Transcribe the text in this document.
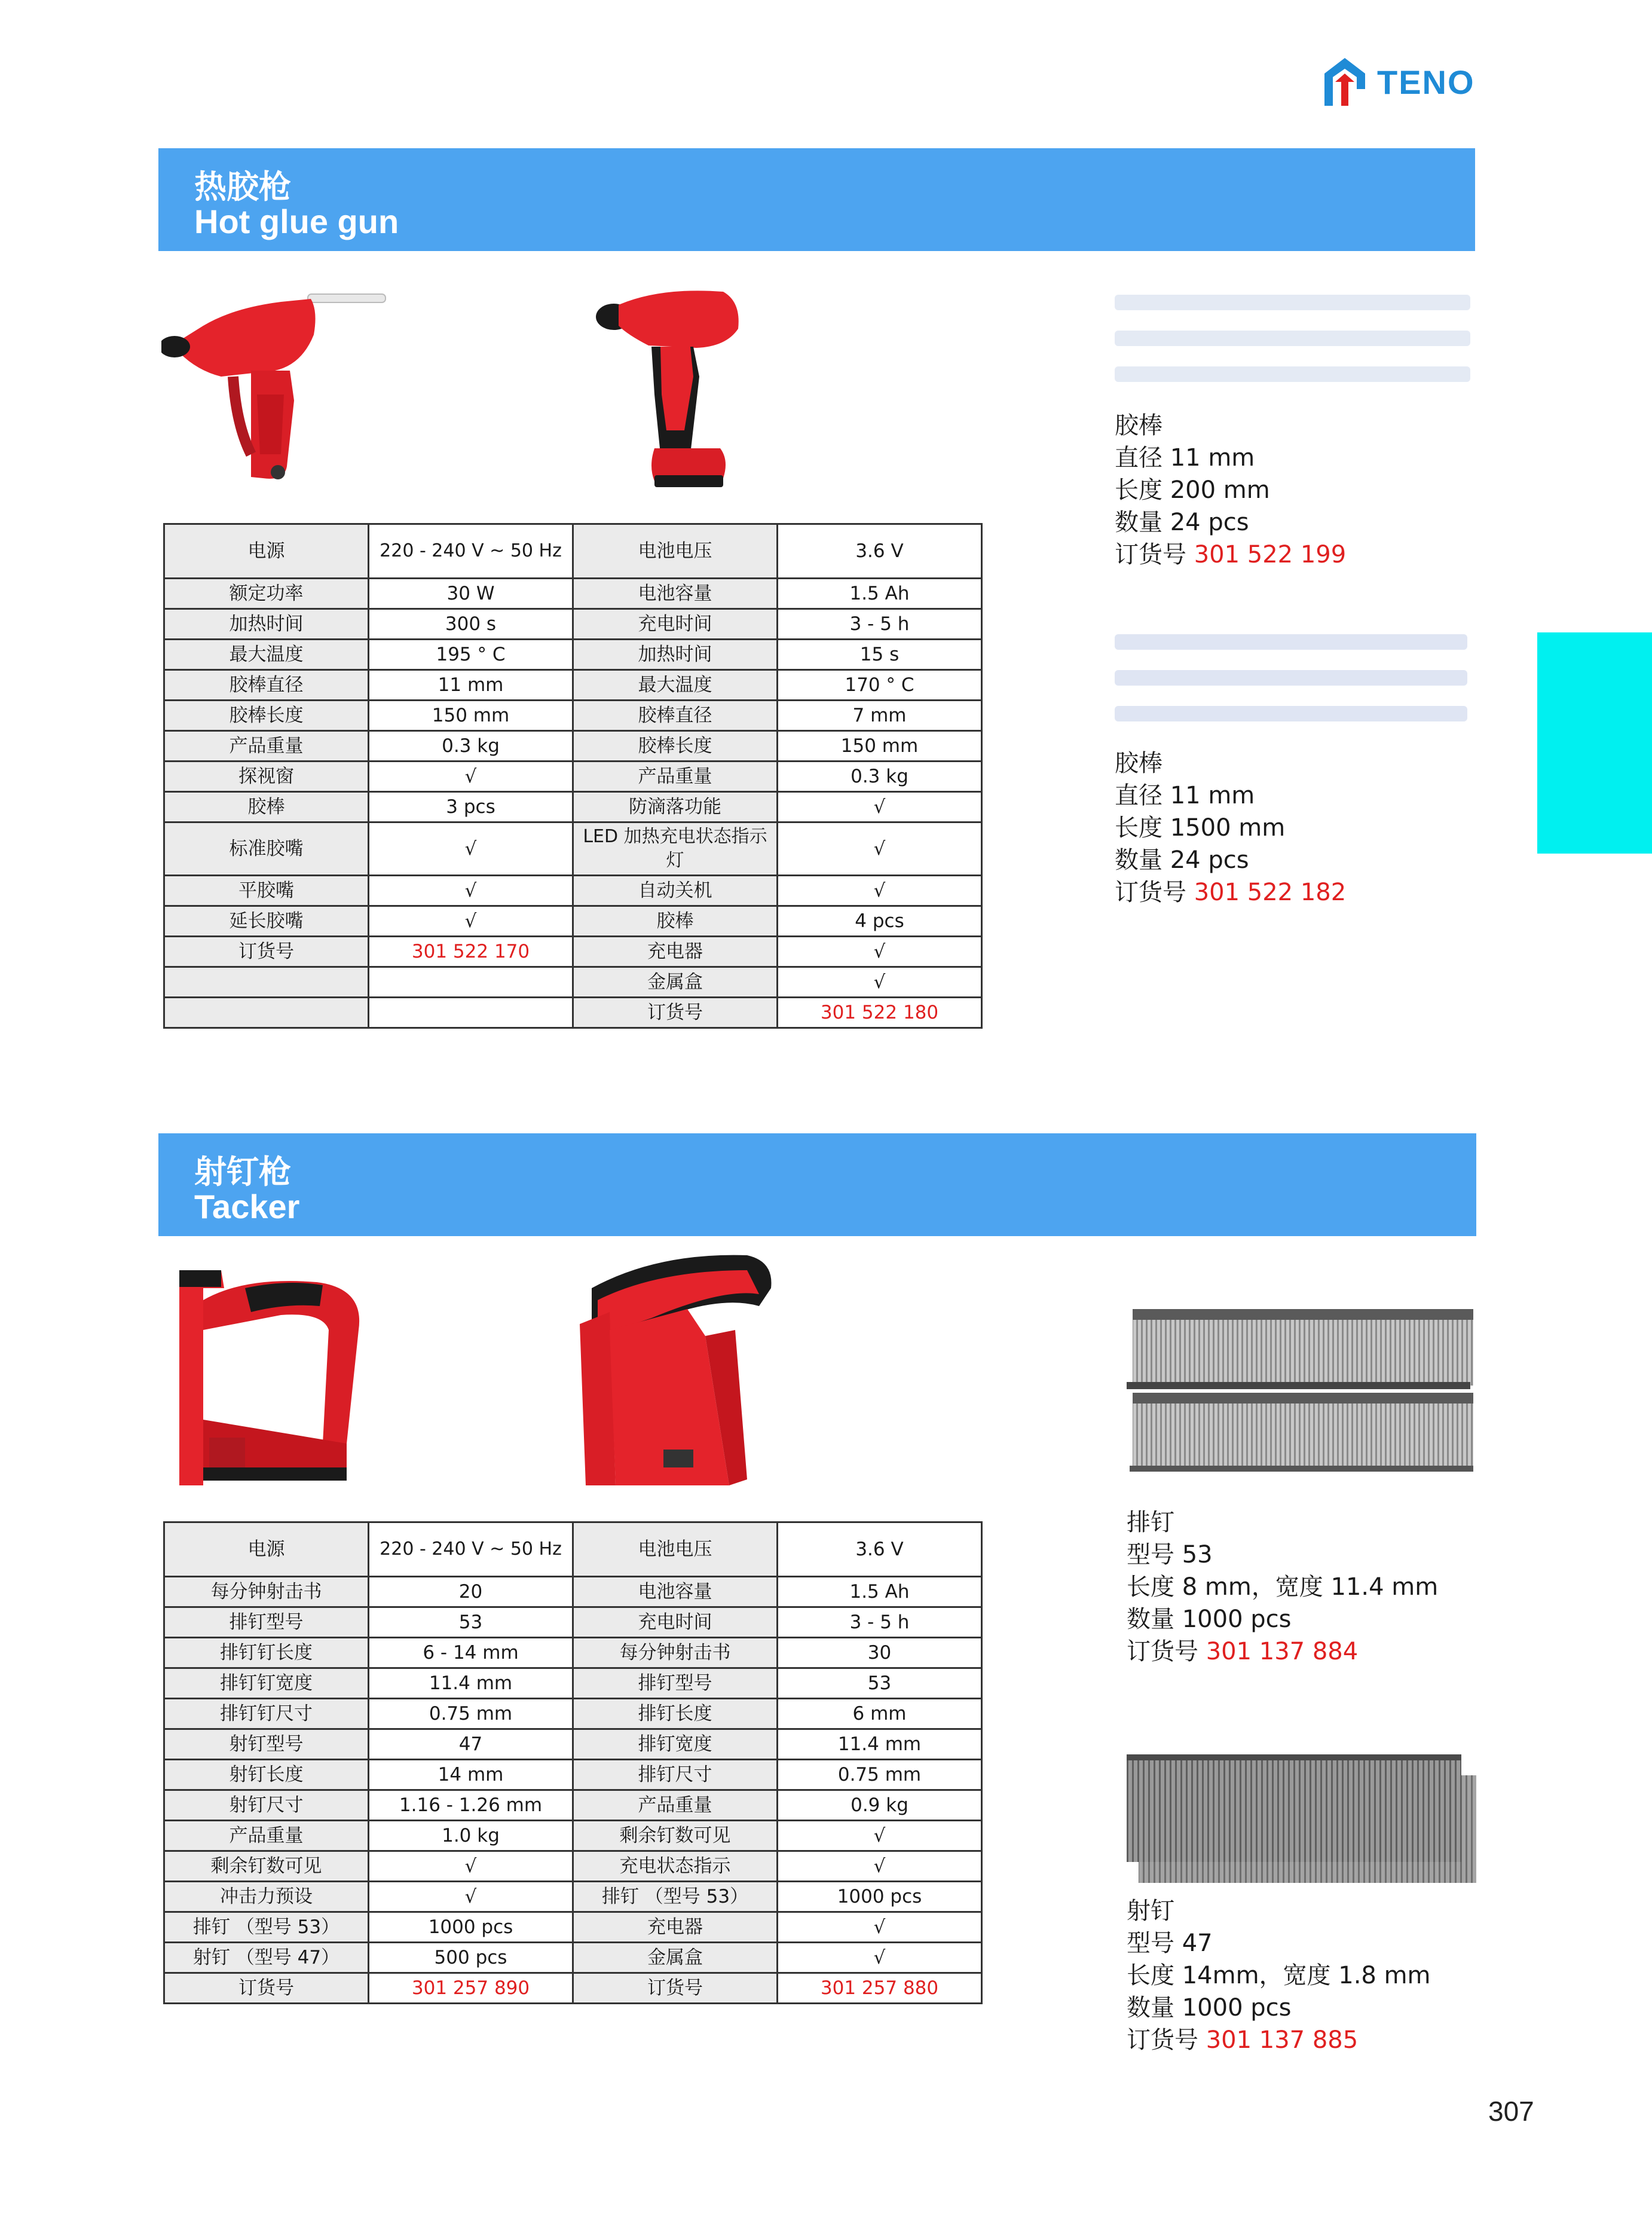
TENO
热胶枪
Hot glue gun
电源	220 - 240 V ~ 50 Hz	电池电压	3.6 V
额定功率	30 W	电池容量	1.5 Ah
加热时间	300 s	充电时间	3 - 5 h
最大温度	195 ° C	加热时间	15 s
胶棒直径	11 mm	最大温度	170 ° C
胶棒长度	150 mm	胶棒直径	7 mm
产品重量	0.3 kg	胶棒长度	150 mm
探视窗	√	产品重量	0.3 kg
胶棒	3 pcs	防滴落功能	√
标准胶嘴	√	LED 加热充电状态指示灯	√
平胶嘴	√	自动关机	√
延长胶嘴	√	胶棒	4 pcs
订货号	301 522 170	充电器	√
		金属盒	√
		订货号	301 522 180
胶棒
直径 11 mm
长度 200 mm
数量 24 pcs
订货号 301 522 199
胶棒
直径 11 mm
长度 1500 mm
数量 24 pcs
订货号 301 522 182
射钉枪
Tacker
电源	220 - 240 V ~ 50 Hz	电池电压	3.6 V
每分钟射击书	20	电池容量	1.5 Ah
排钉型号	53	充电时间	3 - 5 h
排钉钉长度	6 - 14 mm	每分钟射击书	30
排钉钉宽度	11.4 mm	排钉型号	53
排钉钉尺寸	0.75 mm	排钉长度	6 mm
射钉型号	47	排钉宽度	11.4 mm
射钉长度	14 mm	排钉尺寸	0.75 mm
射钉尺寸	1.16 - 1.26 mm	产品重量	0.9 kg
产品重量	1.0 kg	剩余钉数可见	√
剩余钉数可见	√	充电状态指示	√
冲击力预设	√	排钉 （型号 53）	1000 pcs
排钉 （型号 53）	1000 pcs	充电器	√
射钉 （型号 47）	500 pcs	金属盒	√
订货号	301 257 890	订货号	301 257 880
排钉
型号 53
长度 8 mm，宽度 11.4 mm
数量 1000 pcs
订货号 301 137 884
射钉
型号 47
长度 14mm，宽度 1.8 mm
数量 1000 pcs
订货号 301 137 885
307
